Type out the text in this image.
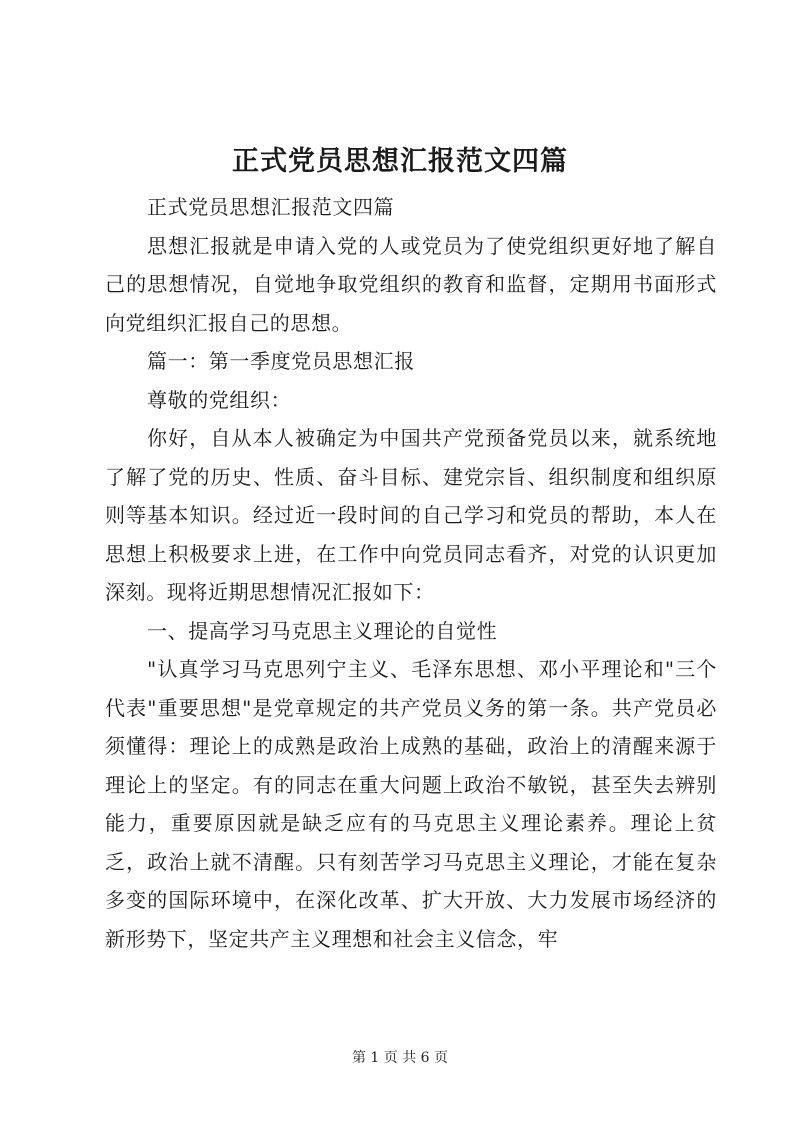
正式党员思想汇报范文四篇

正式党员思想汇报范文四篇

思想汇报就是申请入党的人或党员为了使党组织更好地了解自己的思想情况，自觉地争取党组织的教育和监督，定期用书面形式向党组织汇报自己的思想。

篇一：第一季度党员思想汇报

尊敬的党组织：

你好，自从本人被确定为中国共产党预备党员以来，就系统地了解了党的历史、性质、奋斗目标、建党宗旨、组织制度和组织原则等基本知识。经过近一段时间的自己学习和党员的帮助，本人在思想上积极要求上进，在工作中向党员同志看齐，对党的认识更加深刻。现将近期思想情况汇报如下：

一、提高学习马克思主义理论的自觉性

"认真学习马克思列宁主义、毛泽东思想、邓小平理论和"三个代表"重要思想"是党章规定的共产党员义务的第一条。共产党员必须懂得：理论上的成熟是政治上成熟的基础，政治上的清醒来源于理论上的坚定。有的同志在重大问题上政治不敏锐，甚至失去辨别能力，重要原因就是缺乏应有的马克思主义理论素养。理论上贫乏，政治上就不清醒。只有刻苦学习马克思主义理论，才能在复杂多变的国际环境中，在深化改革、扩大开放、大力发展市场经济的新形势下，坚定共产主义理想和社会主义信念，牢

第 1 页 共 6 页
